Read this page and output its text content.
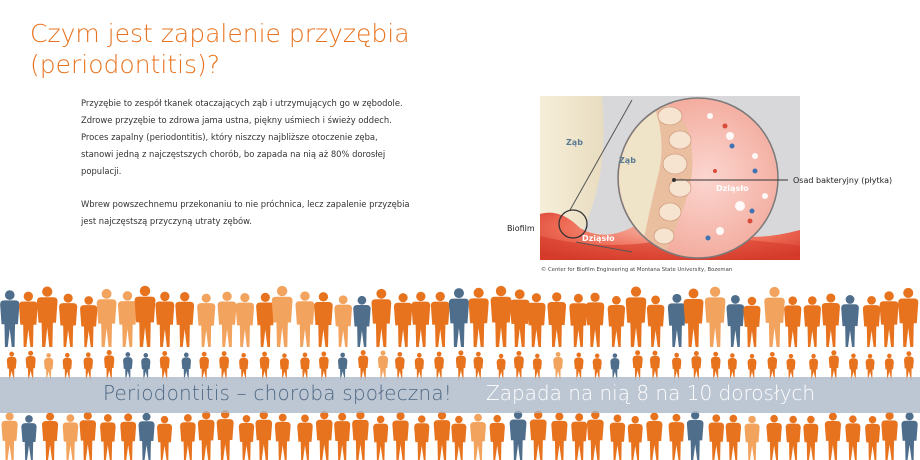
Czym jest zapalenie przyzębia
(periodontitis)?

Przyzębie to zespół tkanek otaczających ząb i utrzymujących go w zębodole. Zdrowe przyzębie to zdrowa jama ustna, piękny uśmiech i świeży oddech. Proces zapalny (periodontitis), który niszczy najbliższe otoczenie zęba, stanowi jedną z najczęstszych chorób, bo zapada na nią aż 80% dorosłej populacji.

Wbrew powszechnemu przekonaniu to nie próchnica, lecz zapalenie przyzębia jest najczęstszą przyczyną utraty zębów.

Ząb
Ząb
Dziąsło
Dziąsło
Biofilm
Osad bakteryjny (płytka)
© Center for Biofilm Engineering at Montana State University, Bozeman
Periodontitis – choroba społeczna! Zapada na nią 8 na 10 dorosłych
